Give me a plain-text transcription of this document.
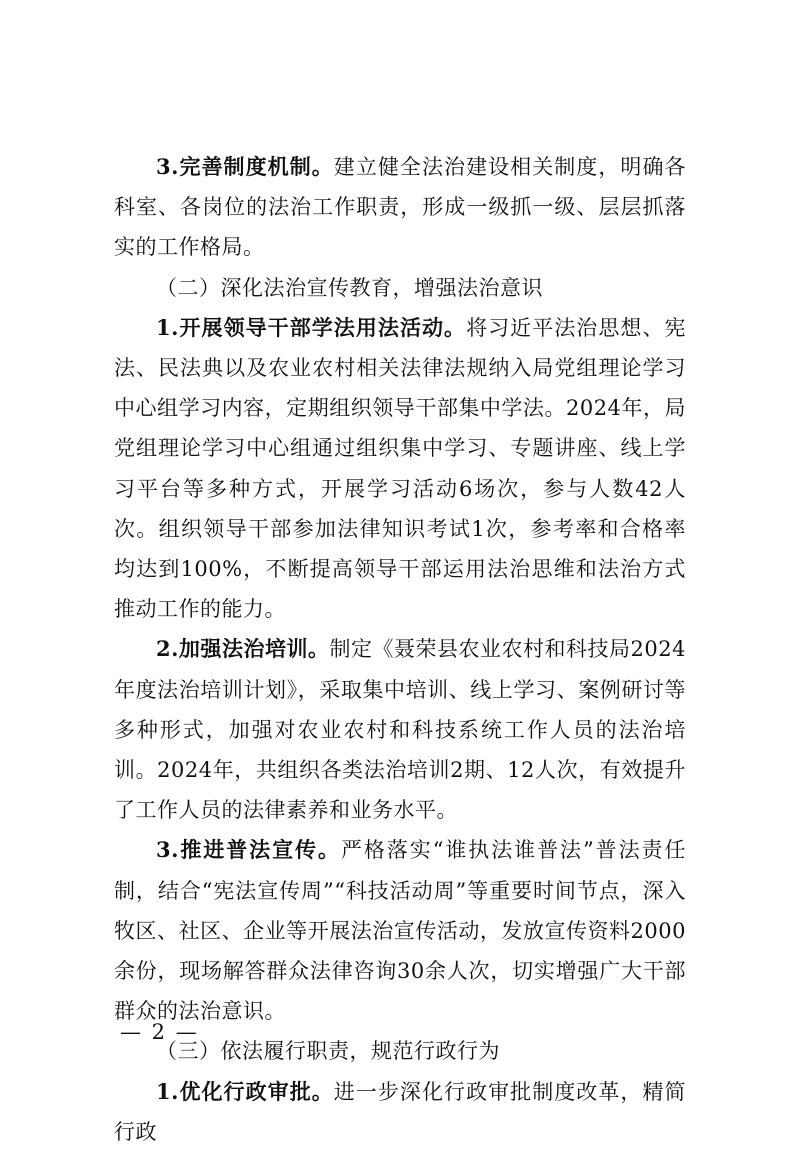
3.完善制度机制。建立健全法治建设相关制度，明确各科室、各岗位的法治工作职责，形成一级抓一级、层层抓落实的工作格局。

（二）深化法治宣传教育，增强法治意识

1.开展领导干部学法用法活动。将习近平法治思想、宪法、民法典以及农业农村相关法律法规纳入局党组理论学习中心组学习内容，定期组织领导干部集中学法。2024年，局党组理论学习中心组通过组织集中学习、专题讲座、线上学习平台等多种方式，开展学习活动6场次，参与人数42人次。组织领导干部参加法律知识考试1次，参考率和合格率均达到100%，不断提高领导干部运用法治思维和法治方式推动工作的能力。

2.加强法治培训。制定《聂荣县农业农村和科技局2024年度法治培训计划》，采取集中培训、线上学习、案例研讨等多种形式，加强对农业农村和科技系统工作人员的法治培训。2024年，共组织各类法治培训2期、12人次，有效提升了工作人员的法律素养和业务水平。

3.推进普法宣传。严格落实“谁执法谁普法”普法责任制，结合“宪法宣传周”“科技活动周”等重要时间节点，深入牧区、社区、企业等开展法治宣传活动，发放宣传资料2000余份，现场解答群众法律咨询30余人次，切实增强广大干部群众的法治意识。

（三）依法履行职责，规范行政行为

1.优化行政审批。进一步深化行政审批制度改革，精简行政

— 2 —
